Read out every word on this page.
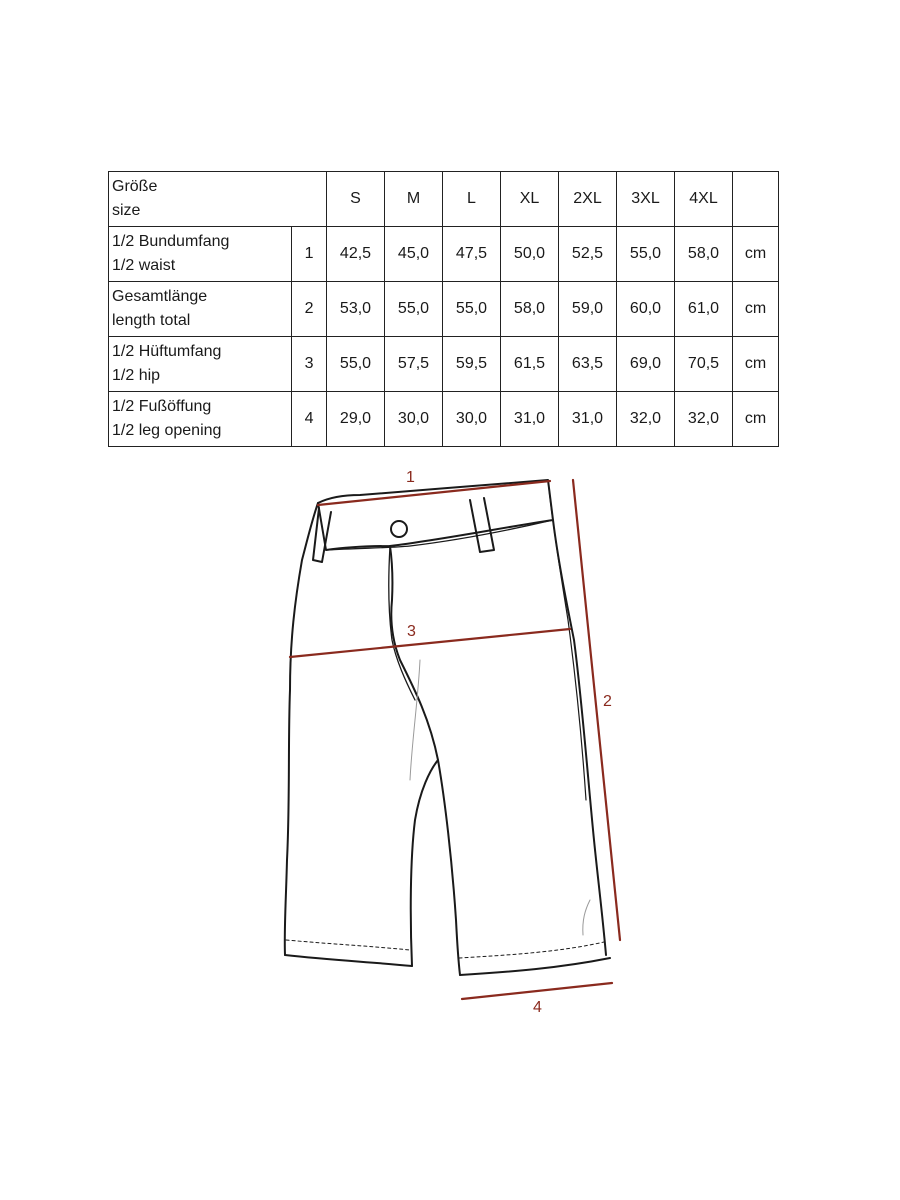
Größe
size		S	M	L	XL	2XL	3XL	4XL	

1/2 Bundumfang
1/2 waist	1	42,5	45,0	47,5	50,0	52,5	55,0	58,0	cm

Gesamtlänge
length total	2	53,0	55,0	55,0	58,0	59,0	60,0	61,0	cm

1/2 Hüftumfang
1/2 hip	3	55,0	57,5	59,5	61,5	63,5	69,0	70,5	cm

1/2 Fußöffung
1/2 leg opening	4	29,0	30,0	30,0	31,0	31,0	32,0	32,0	cm
1
2
3
4
